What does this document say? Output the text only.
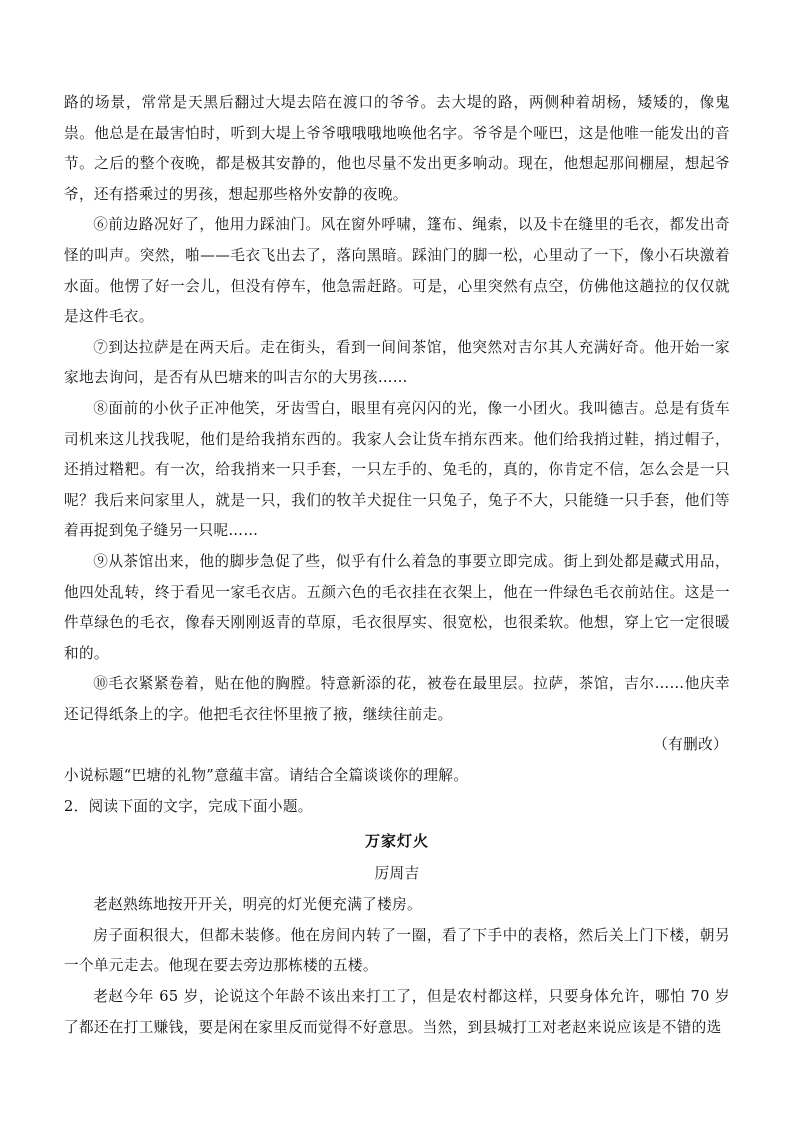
路的场景，常常是天黑后翻过大堤去陪在渡口的爷爷。去大堤的路，两侧种着胡杨，矮矮的，像鬼祟。他总是在最害怕时，听到大堤上爷爷哦哦哦地唤他名字。爷爷是个哑巴，这是他唯一能发出的音节。之后的整个夜晚，都是极其安静的，他也尽量不发出更多响动。现在，他想起那间棚屋，想起爷爷，还有搭乘过的男孩，想起那些格外安静的夜晚。

⑥前边路况好了，他用力踩油门。风在窗外呼啸，篷布、绳索，以及卡在缝里的毛衣，都发出奇怪的叫声。突然，啪——毛衣飞出去了，落向黑暗。踩油门的脚一松，心里动了一下，像小石块激着水面。他愣了好一会儿，但没有停车，他急需赶路。可是，心里突然有点空，仿佛他这趟拉的仅仅就是这件毛衣。

⑦到达拉萨是在两天后。走在街头，看到一间间茶馆，他突然对吉尔其人充满好奇。他开始一家家地去询问，是否有从巴塘来的叫吉尔的大男孩……

⑧面前的小伙子正冲他笑，牙齿雪白，眼里有亮闪闪的光，像一小团火。我叫德吉。总是有货车司机来这儿找我呢，他们是给我捎东西的。我家人会让货车捎东西来。他们给我捎过鞋，捎过帽子，还捎过糌粑。有一次，给我捎来一只手套，一只左手的、兔毛的，真的，你肯定不信，怎么会是一只呢？我后来问家里人，就是一只，我们的牧羊犬捉住一只兔子，兔子不大，只能缝一只手套，他们等着再捉到兔子缝另一只呢……

⑨从茶馆出来，他的脚步急促了些，似乎有什么着急的事要立即完成。街上到处都是藏式用品，他四处乱转，终于看见一家毛衣店。五颜六色的毛衣挂在衣架上，他在一件绿色毛衣前站住。这是一件草绿色的毛衣，像春天刚刚返青的草原，毛衣很厚实、很宽松，也很柔软。他想，穿上它一定很暖和的。

⑩毛衣紧紧卷着，贴在他的胸膛。特意新添的花，被卷在最里层。拉萨，茶馆，吉尔……他庆幸还记得纸条上的字。他把毛衣往怀里掖了掖，继续往前走。

（有删改）

小说标题“巴塘的礼物”意蕴丰富。请结合全篇谈谈你的理解。

2．阅读下面的文字，完成下面小题。

万家灯火

厉周吉

老赵熟练地按开开关，明亮的灯光便充满了楼房。

房子面积很大，但都未装修。他在房间内转了一圈，看了下手中的表格，然后关上门下楼，朝另一个单元走去。他现在要去旁边那栋楼的五楼。

老赵今年 65 岁，论说这个年龄不该出来打工了，但是农村都这样，只要身体允许，哪怕 70 岁了都还在打工赚钱，要是闲在家里反而觉得不好意思。当然，到县城打工对老赵来说应该是不错的选
